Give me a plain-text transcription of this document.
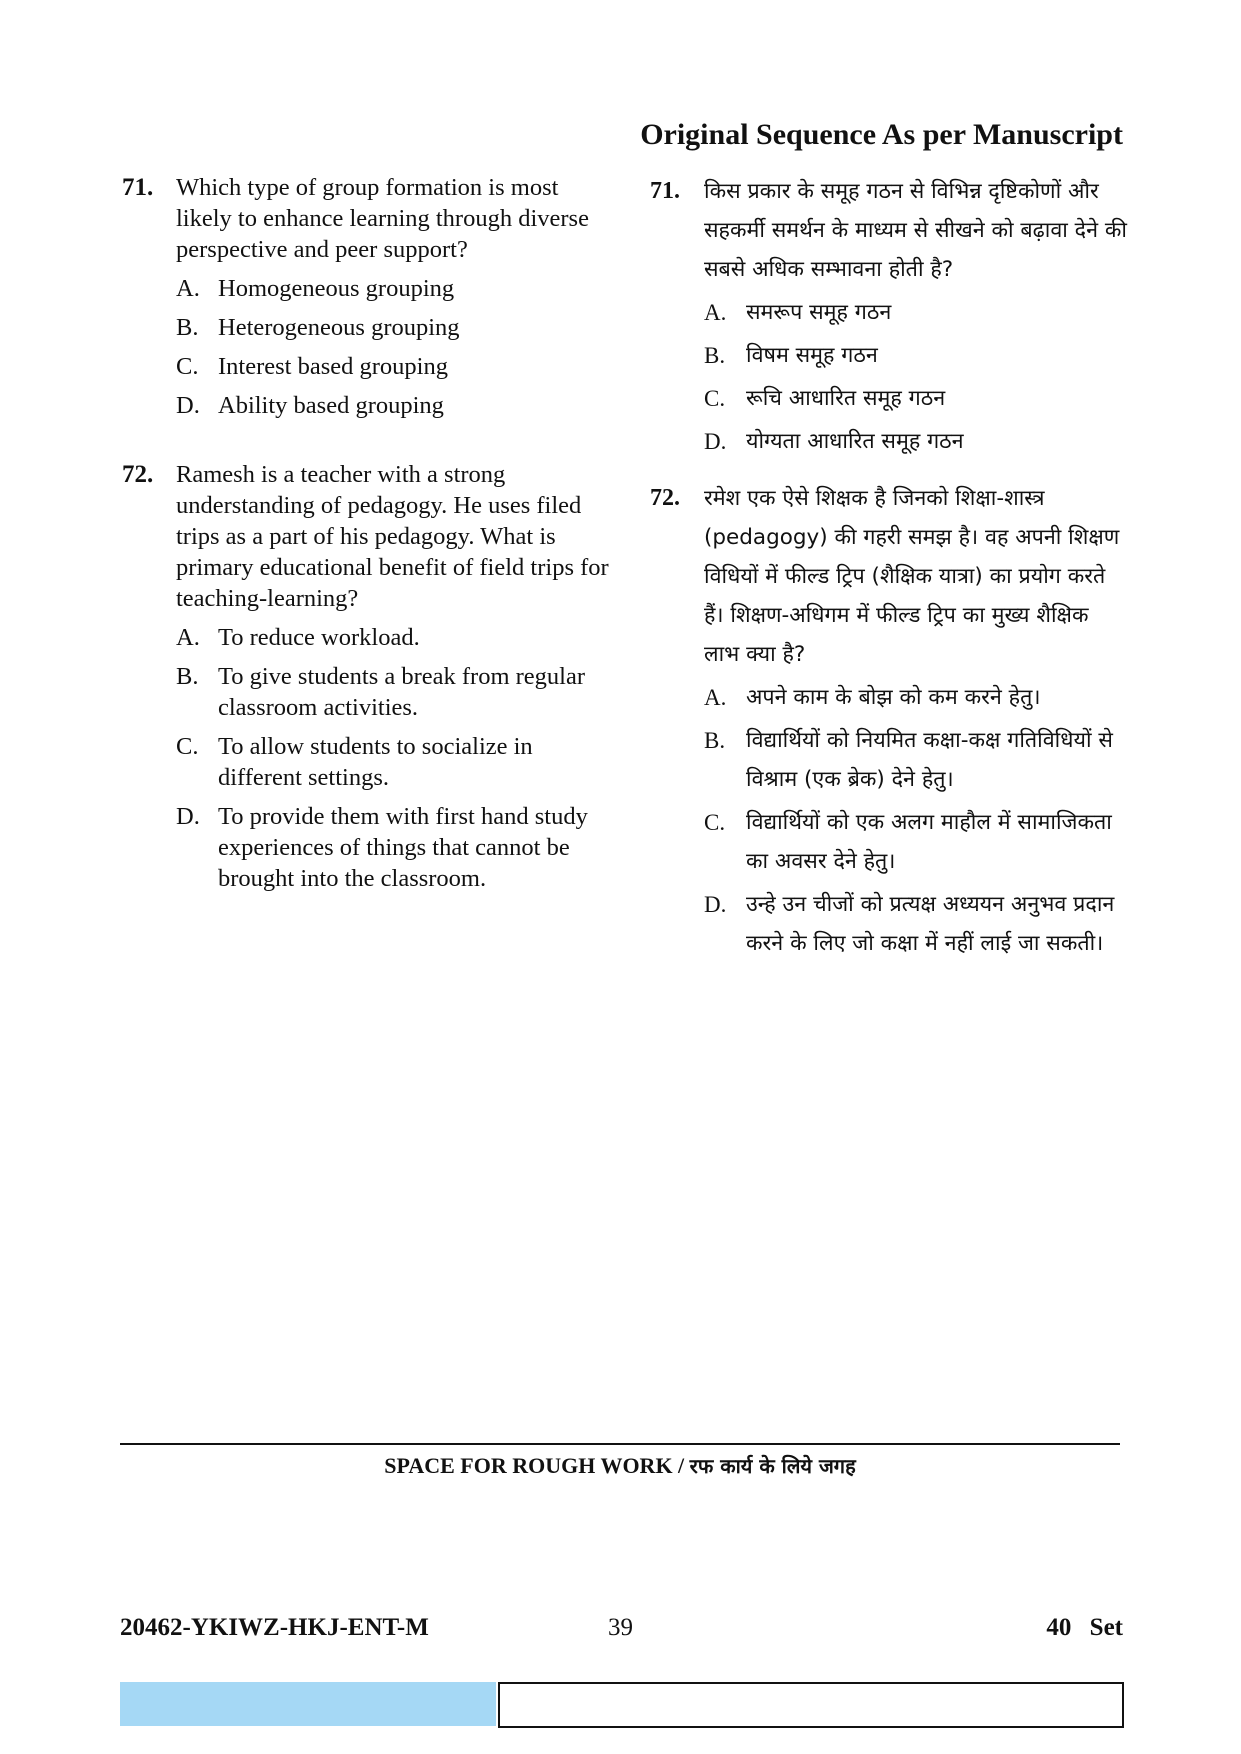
Original Sequence As per Manuscript
71. Which type of group formation is most likely to enhance learning through diverse perspective and peer support?

A. Homogeneous grouping
B. Heterogeneous grouping
C. Interest based grouping
D. Ability based grouping
72. Ramesh is a teacher with a strong understanding of pedagogy. He uses filed trips as a part of his pedagogy. What is primary educational benefit of field trips for teaching-learning?

A. To reduce workload.
B. To give students a break from regular classroom activities.
C. To allow students to socialize in different settings.
D. To provide them with first hand study experiences of things that cannot be brought into the classroom.
71. किस प्रकार के समूह गठन से विभिन्न दृष्टिकोणों और सहकर्मी समर्थन के माध्यम से सीखने को बढ़ावा देने की सबसे अधिक सम्भावना होती है?

A. समरूप समूह गठन
B. विषम समूह गठन
C. रूचि आधारित समूह गठन
D. योग्यता आधारित समूह गठन
72. रमेश एक ऐसे शिक्षक है जिनको शिक्षा-शास्त्र (pedagogy) की गहरी समझ है। वह अपनी शिक्षण विधियों में फील्ड ट्रिप (शैक्षिक यात्रा) का प्रयोग करते हैं। शिक्षण-अधिगम में फील्ड ट्रिप का मुख्य शैक्षिक लाभ क्या है?

A. अपने काम के बोझ को कम करने हेतु।
B. विद्यार्थियों को नियमित कक्षा-कक्ष गतिविधियों से विश्राम (एक ब्रेक) देने हेतु।
C. विद्यार्थियों को एक अलग माहौल में सामाजिकता का अवसर देने हेतु।
D. उन्हे उन चीजों को प्रत्यक्ष अध्ययन अनुभव प्रदान करने के लिए जो कक्षा में नहीं लाई जा सकती।
SPACE FOR ROUGH WORK / रफ कार्य के लिये जगह
20462-YKIWZ-HKJ-ENT-M	39	40 Set
